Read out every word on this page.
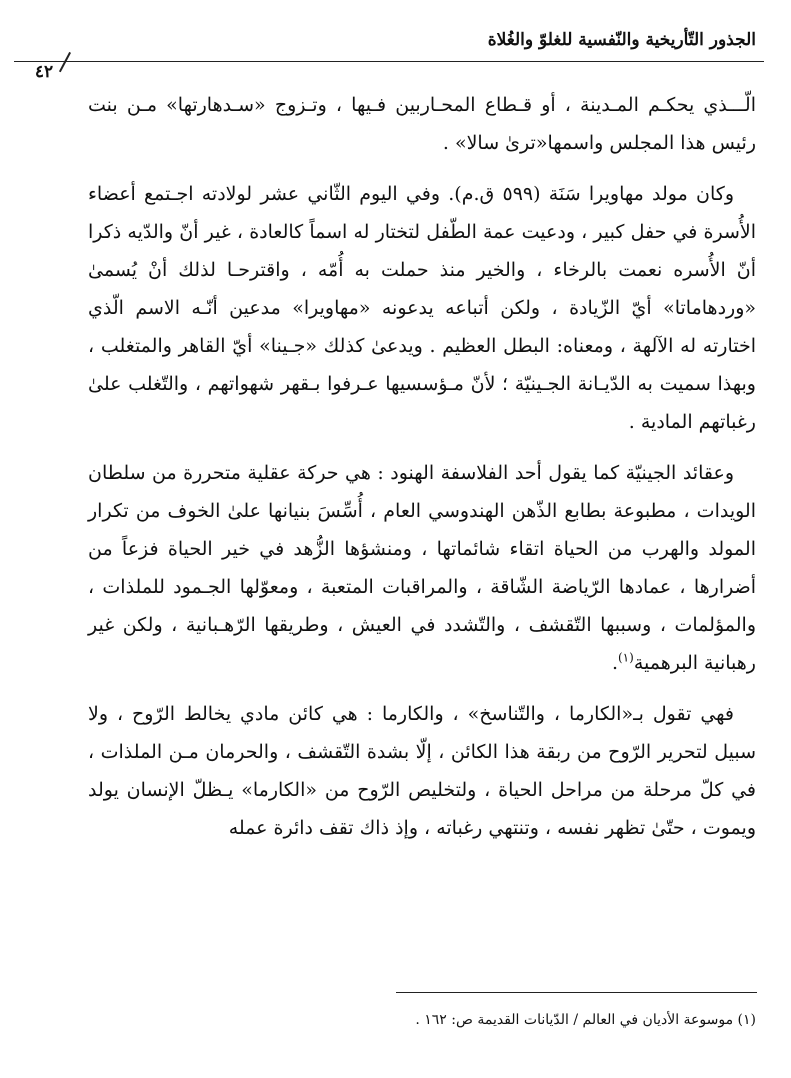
الجذور التّأريخية والنّفسية للغلوّ والغُلاة
٤٢

الّـــذي يحكـم المـدينة ، أو قـطاع المحـاربين فـيها ، وتـزوج «سـدهارتها» مـن بنت رئيس هذا المجلس واسمها«ترىٰ سالا» .

وكان مولد مهاويرا سَنَة (٥٩٩ ق.م). وفي اليوم الثّاني عشر لولادته اجـتمع أعضاء الأُسرة في حفل كبير ، ودعيت عمة الطّفل لتختار له اسماً كالعادة ، غير أنّ والدّيه ذكرا أنّ الأُسره نعمت بالرخاء ، والخير منذ حملت به أُمّه ، واقترحـا لذلك أنْ يُسمىٰ «وردهاماتا» أيّ الزّيادة ، ولكن أتباعه يدعونه «مهاويرا» مدعين أنّـه الاسم الّذي اختارته له الآلهة ، ومعناه: البطل العظيم . ويدعىٰ كذلك «جـينا» أيّ القاهر والمتغلب ، وبهذا سميت به الدّيـانة الجـينيّة ؛ لأنّ مـؤسسيها عـرفوا بـقهر شهواتهم ، والتّغلب علىٰ رغباتهم المادية .

وعقائد الجينيّة كما يقول أحد الفلاسفة الهنود : هي حركة عقلية متحررة من سلطان الويدات ، مطبوعة بطابع الذّهن الهندوسي العام ، أُسِّسَ بنيانها علىٰ الخوف من تكرار المولد والهرب من الحياة اتقاء شائماتها ، ومنشؤها الزُّهد في خير الحياة فزعاً من أضرارها ، عمادها الرّياضة الشّاقة ، والمراقبات المتعبة ، ومعوّلها الجـمود للملذات ، والمؤلمات ، وسببها التّقشف ، والتّشدد في العيش ، وطريقها الرّهـبانية ، ولكن غير رهبانية البرهمية$^{(١)}$.

فهي تقول بـ«الكارما ، والتّناسخ» ، والكارما : هي كائن مادي يخالط الرّوح ، ولا سبيل لتحرير الرّوح من ربقة هذا الكائن ، إلّا بشدة التّقشف ، والحرمان مـن الملذات ، في كلّ مرحلة من مراحل الحياة ، ولتخليص الرّوح من «الكارما» يـظلّ الإنسان يولد ويموت ، حتّىٰ تظهر نفسه ، وتنتهي رغباته ، وإذ ذاك تقف دائرة عمله

(١) موسوعة الأديان في العالم / الدّيانات القديمة ص: ١٦٢ .
